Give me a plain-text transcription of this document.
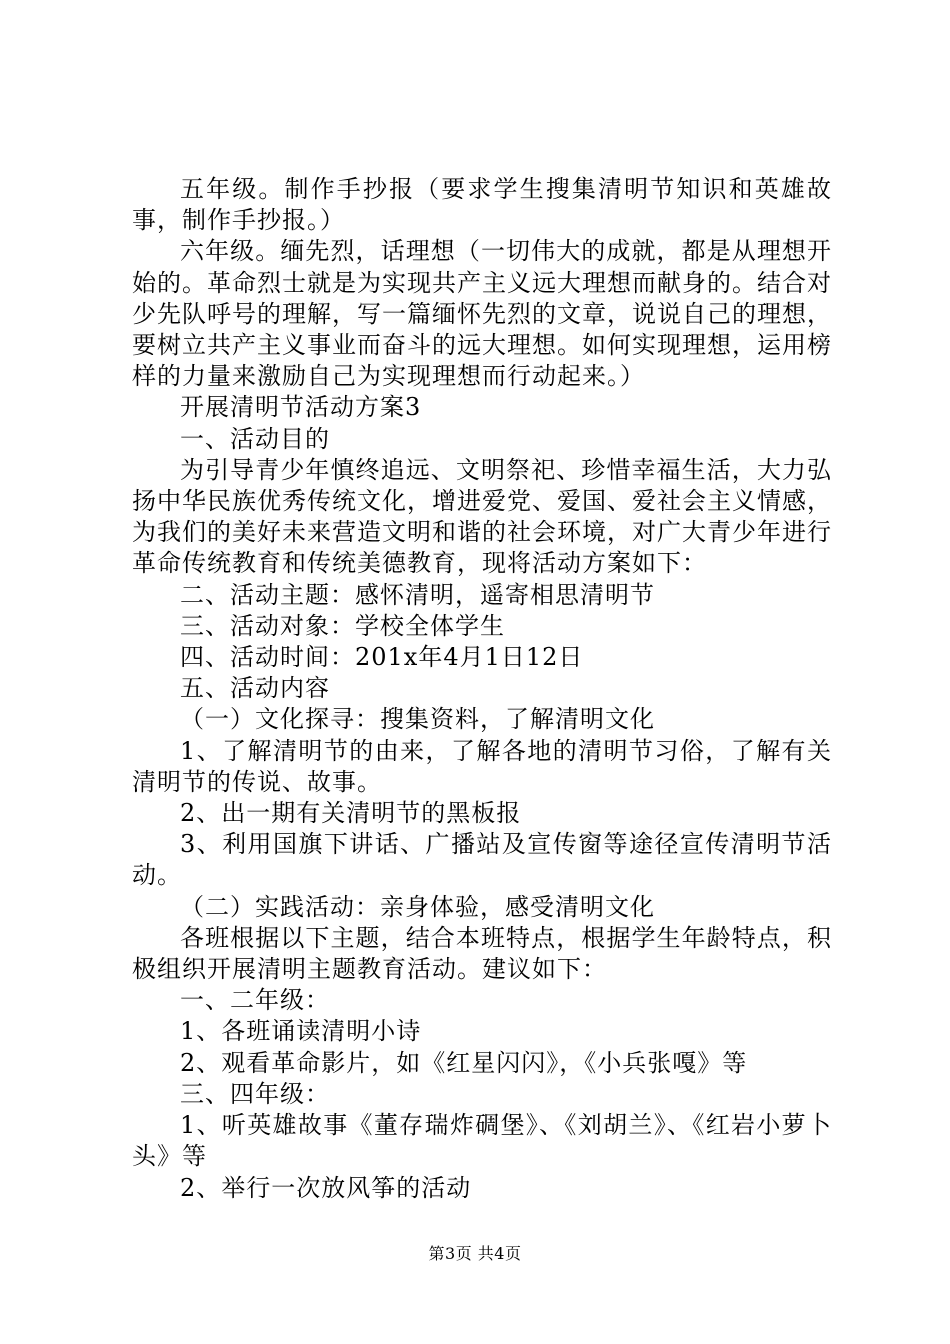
五年级。制作手抄报（要求学生搜集清明节知识和英雄故事，制作手抄报。）

六年级。缅先烈，话理想（一切伟大的成就，都是从理想开始的。革命烈士就是为实现共产主义远大理想而献身的。结合对少先队呼号的理解，写一篇缅怀先烈的文章，说说自己的理想，要树立共产主义事业而奋斗的远大理想。如何实现理想，运用榜样的力量来激励自己为实现理想而行动起来。）

开展清明节活动方案3

一、活动目的

为引导青少年慎终追远、文明祭祀、珍惜幸福生活，大力弘扬中华民族优秀传统文化，增进爱党、爱国、爱社会主义情感，为我们的美好未来营造文明和谐的社会环境，对广大青少年进行革命传统教育和传统美德教育，现将活动方案如下：

二、活动主题：感怀清明，遥寄相思清明节

三、活动对象：学校全体学生

四、活动时间：201x年4月1日12日

五、活动内容

（一）文化探寻：搜集资料，了解清明文化

1、了解清明节的由来，了解各地的清明节习俗，了解有关清明节的传说、故事。

2、出一期有关清明节的黑板报

3、利用国旗下讲话、广播站及宣传窗等途径宣传清明节活动。

（二）实践活动：亲身体验，感受清明文化

各班根据以下主题，结合本班特点，根据学生年龄特点，积极组织开展清明主题教育活动。建议如下：

一、二年级：

1、各班诵读清明小诗

2、观看革命影片，如《红星闪闪》，《小兵张嘎》等

三、四年级：

1、听英雄故事《董存瑞炸碉堡》、《刘胡兰》、《红岩小萝卜头》等

2、举行一次放风筝的活动

第3页 共4页
